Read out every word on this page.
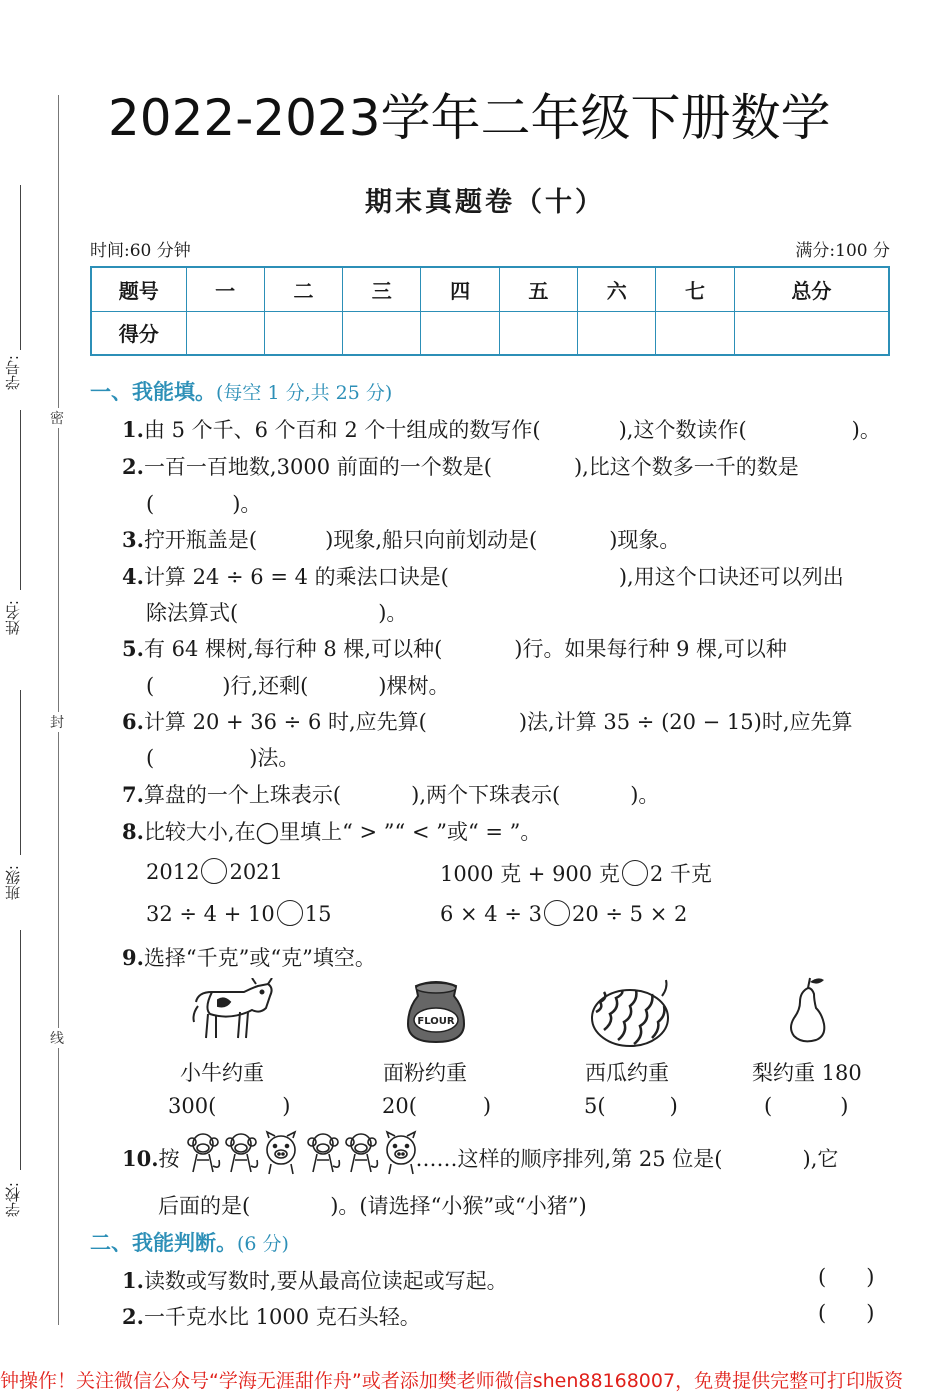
密
封
线
学号:
姓名:
班级:
学校:
2022-2023学年二年级下册数学
期末真题卷（十）
时间:60 分钟	满分:100 分
题号	一	二	三	四	五	六	七	总分
得分								
一、我能填。(每空 1 分,共 25 分)
1.由 5 个千、6 个百和 2 个十组成的数写作(	),这个数读作(	)。
2.一百一百地数,3000 前面的一个数是(	),比这个数多一千的数是
(	)。
3.拧开瓶盖是(	)现象,船只向前划动是(	)现象。
4.计算 24 ÷ 6 = 4 的乘法口诀是(	),用这个口诀还可以列出
除法算式(	)。
5.有 64 棵树,每行种 8 棵,可以种(	)行。如果每行种 9 棵,可以种
(	)行,还剩(	)棵树。
6.计算 20 + 36 ÷ 6 时,应先算(	)法,计算 35 ÷ (20 − 15)时,应先算
(	)法。
7.算盘的一个上珠表示(	),两个下珠表示(	)。
8.比较大小,在◯里填上“ > ”“ < ”或“ = ”。
2012 2021	1000 克 + 900 克 2 千克
32 ÷ 4 + 10 15	6 × 4 ÷ 3 20 ÷ 5 × 2
9.选择“千克”或“克”填空。
FLOUR
小牛约重	面粉约重	西瓜约重	梨约重 180
300(	)	20(	)	5(	)	(	)
10.按	……这样的顺序排列,第 25 位是(	),它
后面的是(	)。(请选择“小猴”或“小猪”)
二、我能判断。(6 分)
1.读数或写数时,要从最高位读起或写起。	( )
2.一千克水比 1000 克石头轻。	( )
钟操作！关注微信公众号“学海无涯甜作舟”或者添加樊老师微信shen88168007，免费提供完整可打印版资
